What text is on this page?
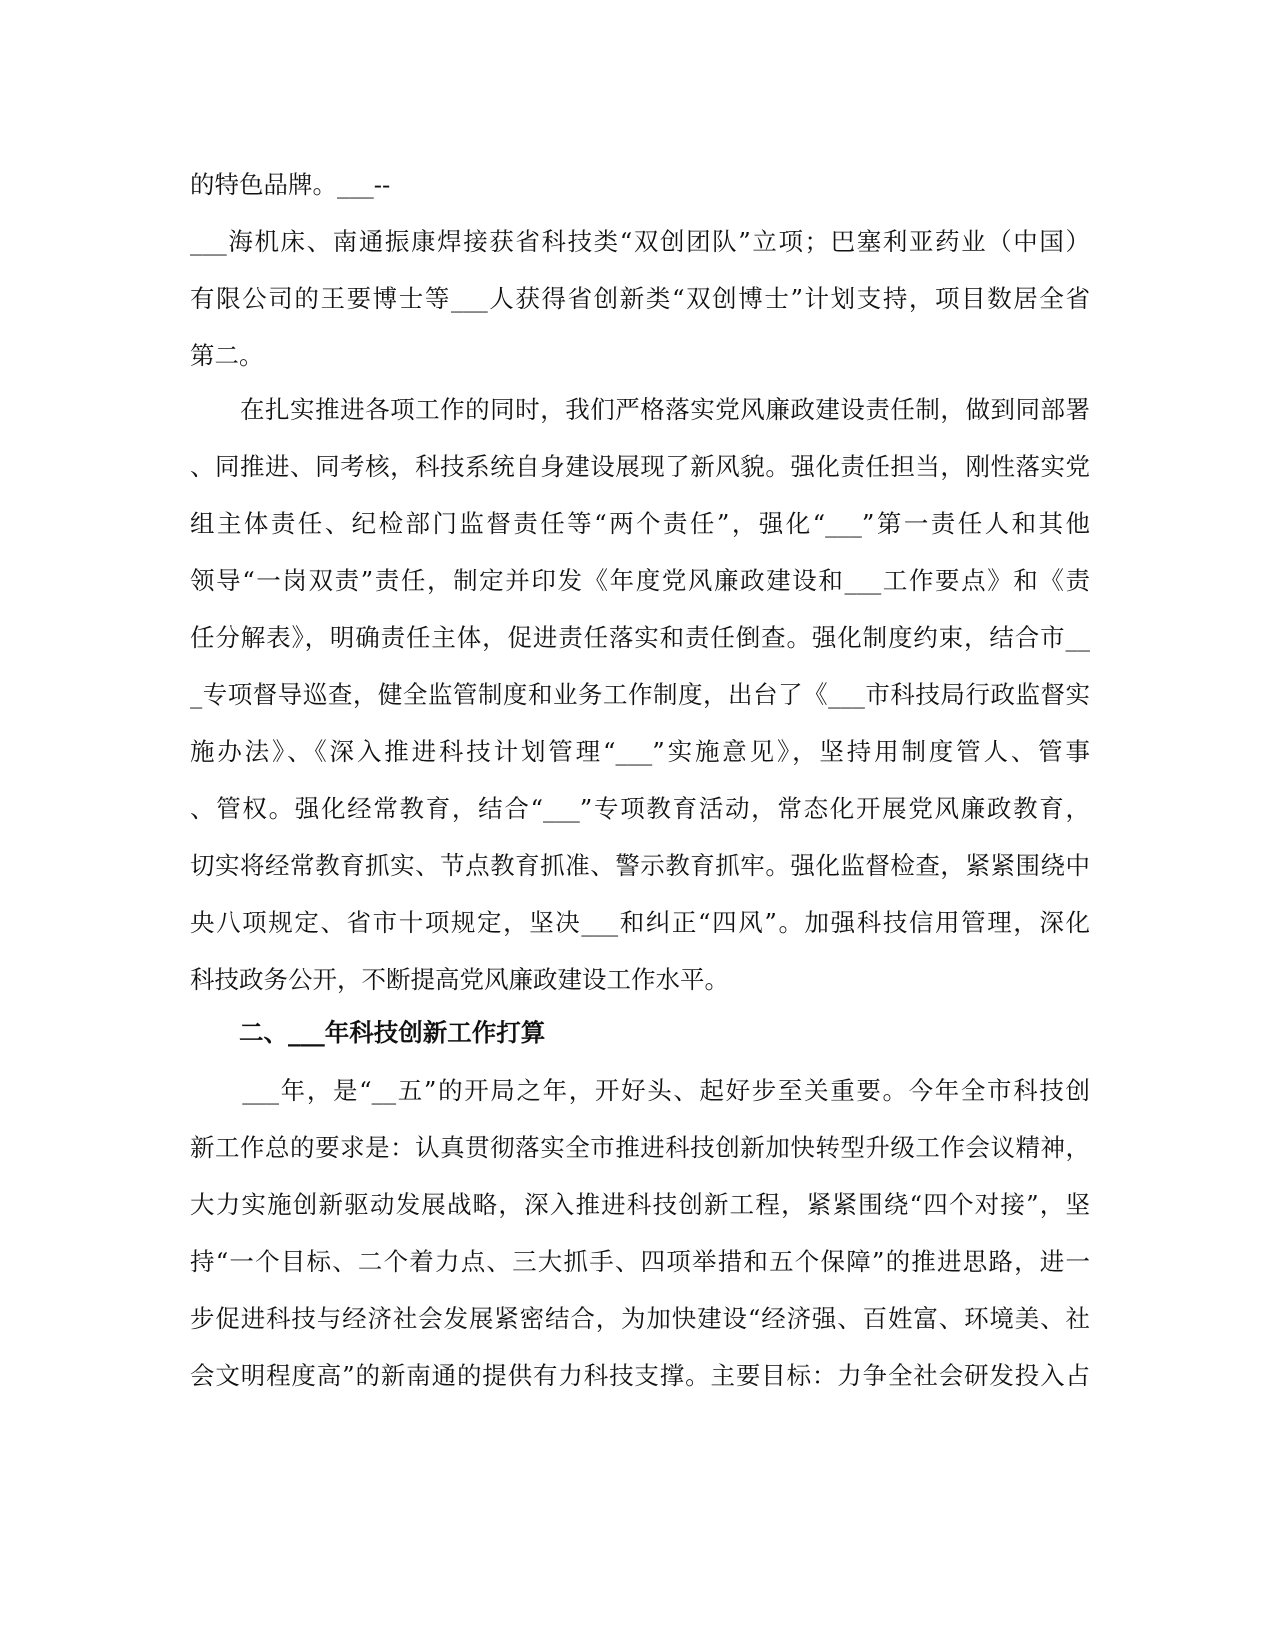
的特色品牌。___--
___海机床、南通振康焊接获省科技类“双创团队”立项；巴塞利亚药业（中国）
有限公司的王要博士等___人获得省创新类“双创博士”计划支持，项目数居全省
第二。
　　在扎实推进各项工作的同时，我们严格落实党风廉政建设责任制，做到同部署
、同推进、同考核，科技系统自身建设展现了新风貌。强化责任担当，刚性落实党
组主体责任、纪检部门监督责任等“两个责任”，强化“___”第一责任人和其他
领导“一岗双责”责任，制定并印发《年度党风廉政建设和___工作要点》和《责
任分解表》，明确责任主体，促进责任落实和责任倒查。强化制度约束，结合市__
_专项督导巡查，健全监管制度和业务工作制度，出台了《___市科技局行政监督实
施办法》、《深入推进科技计划管理“___”实施意见》，坚持用制度管人、管事
、管权。强化经常教育，结合“___”专项教育活动，常态化开展党风廉政教育，
切实将经常教育抓实、节点教育抓准、警示教育抓牢。强化监督检查，紧紧围绕中
央八项规定、省市十项规定，坚决___和纠正“四风”。加强科技信用管理，深化
科技政务公开，不断提高党风廉政建设工作水平。
　　二、___年科技创新工作打算
　　___年，是“__五”的开局之年，开好头、起好步至关重要。今年全市科技创
新工作总的要求是：认真贯彻落实全市推进科技创新加快转型升级工作会议精神，
大力实施创新驱动发展战略，深入推进科技创新工程，紧紧围绕“四个对接”，坚
持“一个目标、二个着力点、三大抓手、四项举措和五个保障”的推进思路，进一
步促进科技与经济社会发展紧密结合，为加快建设“经济强、百姓富、环境美、社
会文明程度高”的新南通的提供有力科技支撑。主要目标：力争全社会研发投入占
